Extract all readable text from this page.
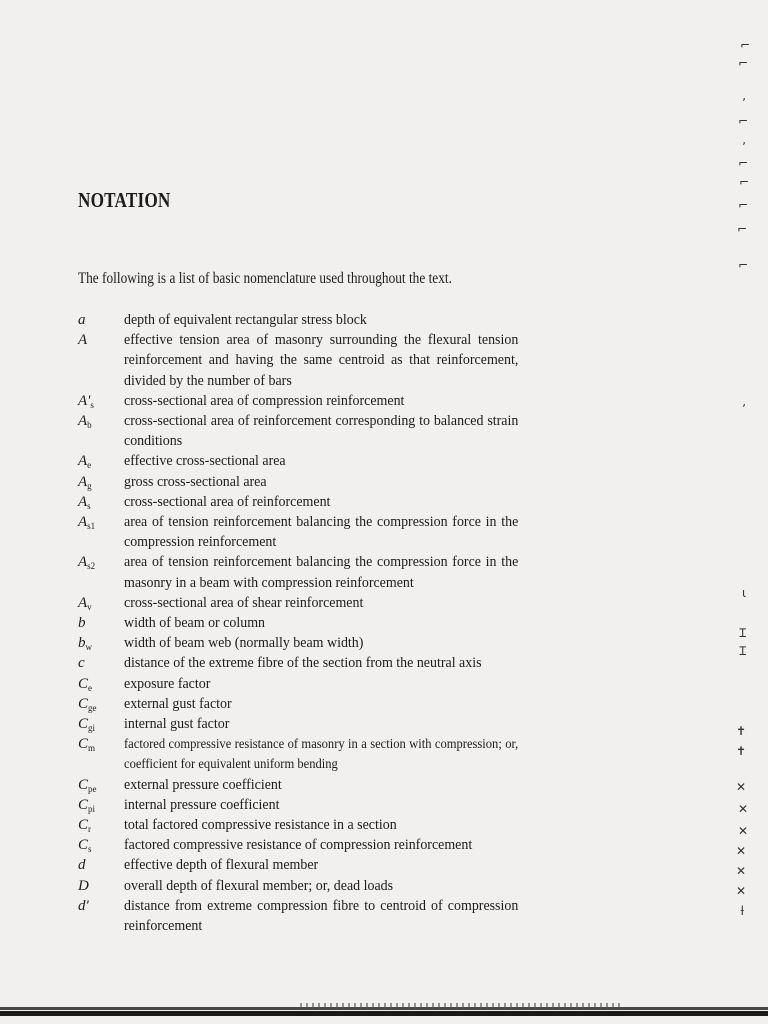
NOTATION
The following is a list of basic nomenclature used throughout the text.
a	depth of equivalent rectangular stress block
A	effective tension area of masonry surrounding the flexural tension reinforcement and having the same centroid as that reinforcement, divided by the number of bars
$A'_s$	cross-sectional area of compression reinforcement
$A_b$	cross-sectional area of reinforcement corresponding to balanced strain conditions
$A_e$	effective cross-sectional area
$A_g$	gross cross-sectional area
$A_s$	cross-sectional area of reinforcement
$A_{s1}$	area of tension reinforcement balancing the compression force in the compression reinforcement
$A_{s2}$	area of tension reinforcement balancing the compression force in the masonry in a beam with compression reinforcement
$A_v$	cross-sectional area of shear reinforcement
b	width of beam or column
$b_w$	width of beam web (normally beam width)
c	distance of the extreme fibre of the section from the neutral axis
$C_e$	exposure factor
$C_{ge}$	external gust factor
$C_{gi}$	internal gust factor
$C_m$	factored compressive resistance of masonry in a section with compression; or, coefficient for equivalent uniform bending
$C_{pe}$	external pressure coefficient
$C_{pi}$	internal pressure coefficient
$C_r$	total factored compressive resistance in a section
$C_s$	factored compressive resistance of compression reinforcement
d	effective depth of flexural member
D	overall depth of flexural member; or, dead loads
d'	distance from extreme compression fibre to centroid of compression reinforcement
⌐
⌐
ʼ
⌐
ʼ
⌐
⌐
⌐
⌐
⌐
ʼ
ɩ
Ɪ
Ɪ
✝
✝
✕
✕
✕
✕
✕
✕
ƚ
